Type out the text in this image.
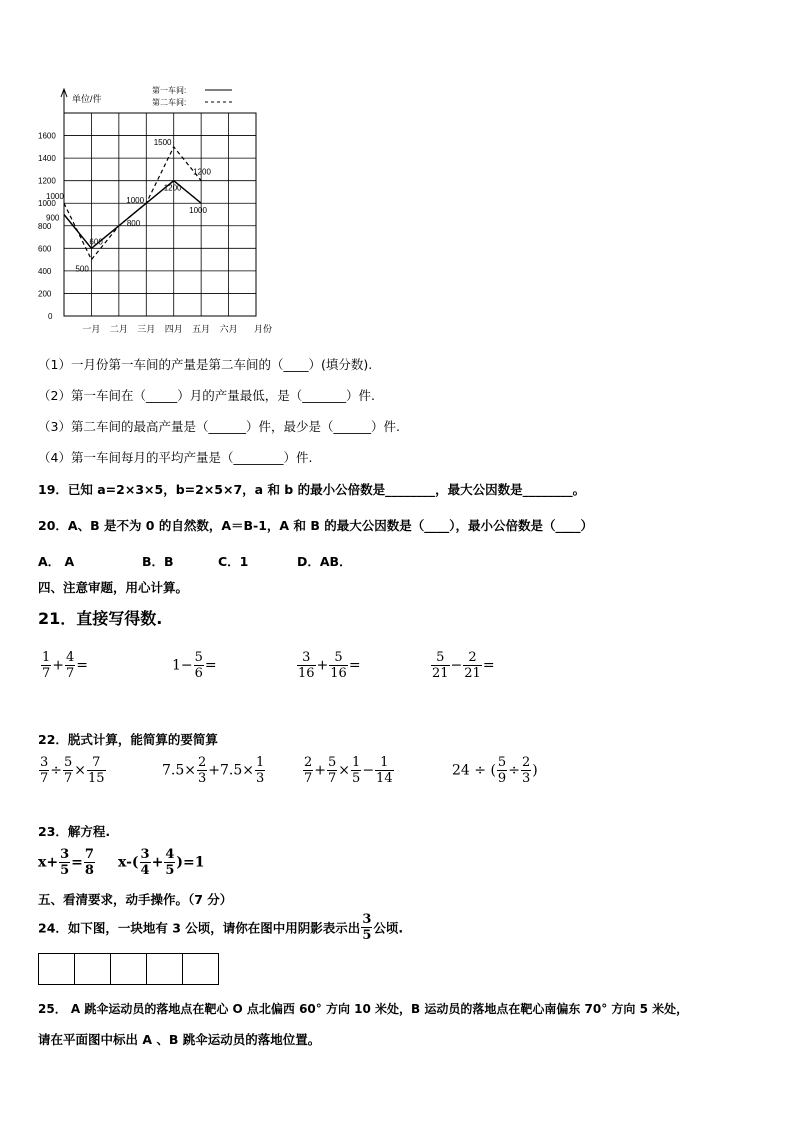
单位/件
月份
0
200
400
600
800
1000
1200
1400
1600
一月 二月 三月 四月 五月 六月
900
600
800
1000
1200
1000
1000
500
1500
1200
第一车间:
第二车间:
（1）一月份第一车间的产量是第二车间的（____）(填分数).
（2）第一车间在（_____）月的产量最低，是（_______）件.
（3）第二车间的最高产量是（______）件，最少是（______）件.
（4）第一车间每月的平均产量是（________）件.
19．已知 a=2×3×5，b=2×5×7，a 和 b 的最小公倍数是________，最大公因数是________。
20．A、B 是不为 0 的自然数，A＝B-1，A 和 B 的最大公因数是（____），最小公倍数是（____）
A． A	B．B	C．1	D．AB．
四、注意审题，用心计算。
21．直接写得数.
$\frac{1}{7} + \frac{4}{7}$ =	$1- \frac{5}{6}$ =	$\frac{3}{16} + \frac{5}{16}$ =	$\frac{5}{21} - \frac{2}{21}$ =
22．脱式计算，能简算的要简算
$\frac{3}{7} \div \frac{5}{7} \times \frac{7}{15}$	$7.5\times \frac{2}{3} +7.5\times \frac{1}{3}$	$\frac{2}{7} + \frac{5}{7} \times \frac{1}{5} - \frac{1}{14}$	24 ÷ ( $\frac{5}{9} \div \frac{2}{3}$ )
23．解方程.
$x+ \frac{3}{5} = \frac{7}{8} x-( \frac{3}{4} + \frac{4}{5} )=1$
五、看清要求，动手操作。（7 分）
24．如下图，一块地有 3 公顷，请你在图中用阴影表示出 $\frac{3}{5}$ 公顷.
25． A 跳伞运动员的落地点在靶心 O 点北偏西 60° 方向 10 米处，B 运动员的落地点在靶心南偏东 70° 方向 5 米处，
请在平面图中标出 A 、B 跳伞运动员的落地位置。
